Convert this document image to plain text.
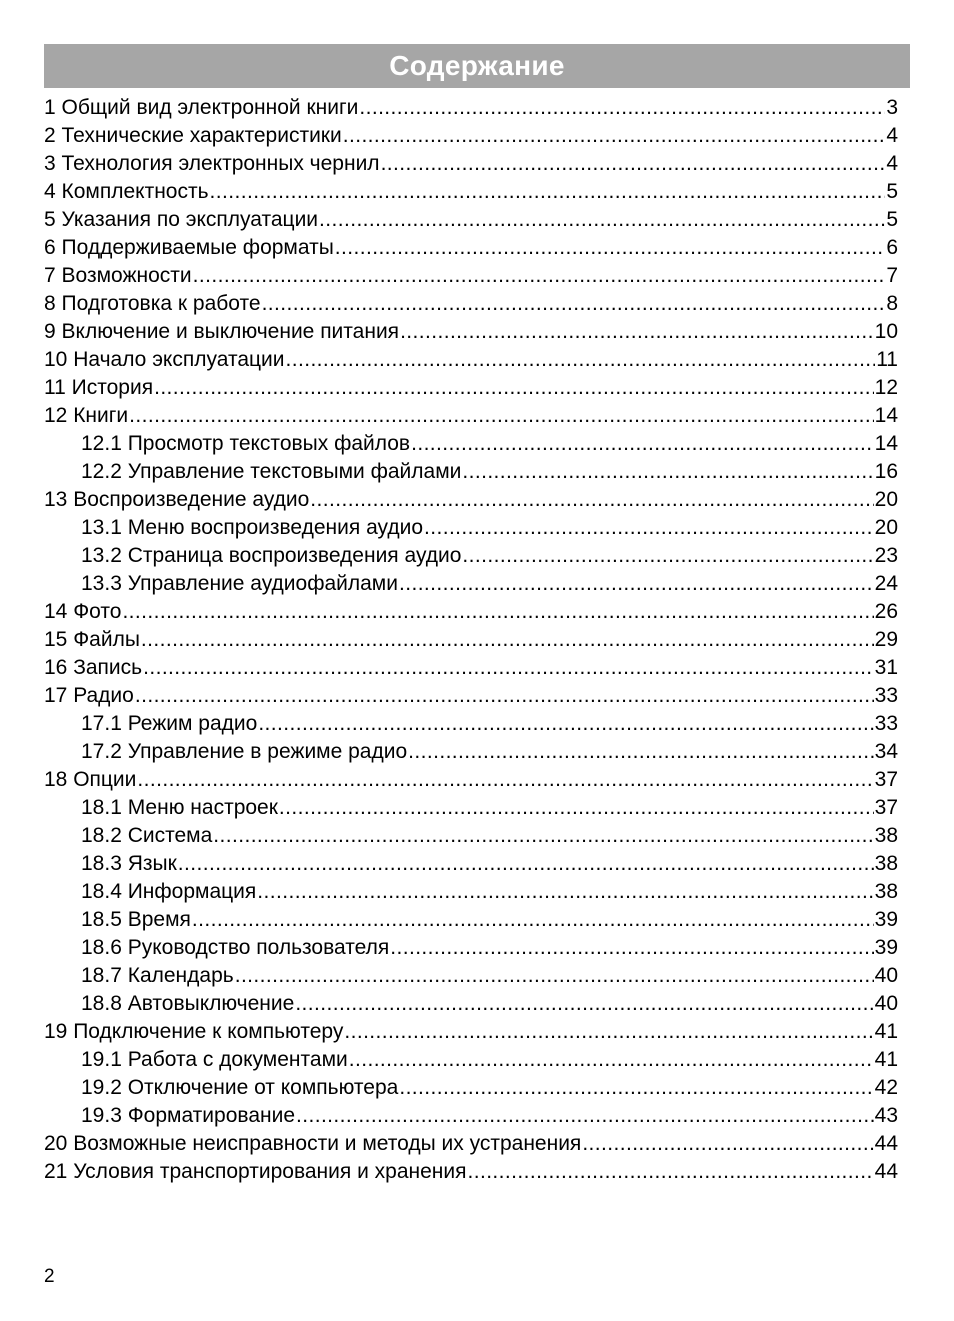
Содержание
1 Общий вид электронной книги .....	3
2 Технические характеристики .....	4
3 Технология электронных чернил .....	4
4 Комплектность .....	5
5 Указания по эксплуатации .....	5
6 Поддерживаемые форматы .....	6
7 Возможности .....	7
8 Подготовка к работе .....	8
9 Включение и выключение питания .....	10
10 Начало эксплуатации .....	11
11 История .....	12
12 Книги .....	14
12.1 Просмотр текстовых файлов .....	14
12.2 Управление текстовыми файлами .....	16
13 Воспроизведение аудио .....	20
13.1 Меню воспроизведения аудио .....	20
13.2 Страница воспроизведения аудио .....	23
13.3 Управление аудиофайлами .....	24
14 Фото .....	26
15 Файлы .....	29
16 Запись .....	31
17 Радио .....	33
17.1 Режим радио .....	33
17.2 Управление в режиме радио .....	34
18 Опции .....	37
18.1 Меню настроек .....	37
18.2 Система .....	38
18.3 Язык .....	38
18.4 Информация .....	38
18.5 Время .....	39
18.6 Руководство пользователя .....	39
18.7 Календарь .....	40
18.8 Автовыключение .....	40
19 Подключение к компьютеру .....	41
19.1 Работа с документами .....	41
19.2 Отключение от компьютера .....	42
19.3 Форматирование .....	43
20 Возможные неисправности и методы их устранения .....	44
21 Условия транспортирования и хранения .....	44
2
